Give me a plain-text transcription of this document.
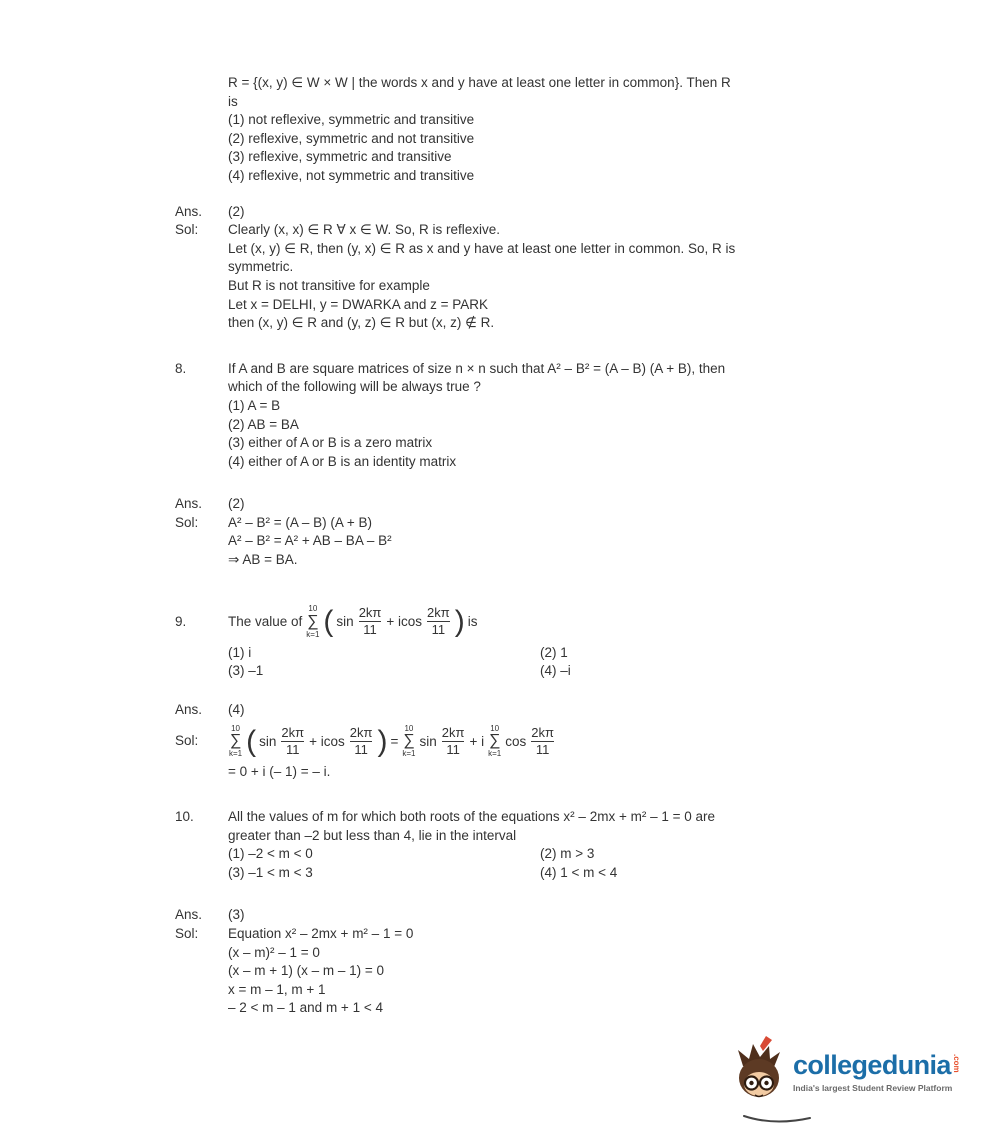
R = {(x, y) ∈ W × W | the words x and y have at least one letter in common}. Then R
is
(1) not reflexive, symmetric and transitive
(2) reflexive, symmetric and not transitive
(3) reflexive, symmetric and transitive
(4) reflexive, not symmetric and transitive
Ans.	(2)
Sol:	Clearly (x, x) ∈ R ∀ x ∈ W. So, R is reflexive.
Let (x, y) ∈ R, then (y, x) ∈ R as x and y have at least one letter in common. So, R is
symmetric.
But R is not transitive for example
Let x = DELHI, y = DWARKA and z = PARK
then (x, y) ∈ R and (y, z) ∈ R but (x, z) ∉ R.
8.	If A and B are square matrices of size n × n such that A² – B² = (A – B) (A + B), then
which of the following will be always true ?
(1) A = B
(2) AB = BA
(3) either of A or B is a zero matrix
(4) either of A or B is an identity matrix
Ans.	(2)
Sol:	A² – B² = (A – B) (A + B)
A² – B² = A² + AB – BA – B²
⇒ AB = BA.
9.	The value of
10
∑
k=1 ( $\sin \frac{2k\pi}{11} + icos \frac{2k\pi}{11}$ ) is
(1) i	(2) 1
(3) –1	(4) –i
Ans.	(4)
Sol:
10
∑
k=1 ( $\sin \frac{2k\pi}{11} + icos \frac{2k\pi}{11}$ ) =
10
∑
k=1
$\sin \frac{2k\pi}{11} + i$
10
∑
k=1
$\cos \frac{2k\pi}{11}$
= 0 + i (– 1) = – i.
10.	All the values of m for which both roots of the equations x² – 2mx + m² – 1 = 0 are
greater than –2 but less than 4, lie in the interval
(1) –2 < m < 0	(2) m > 3
(3) –1 < m < 3	(4) 1 < m < 4
Ans.	(3)
Sol:	Equation x² – 2mx + m² – 1 = 0
(x – m)² – 1 = 0
(x – m + 1) (x – m – 1) = 0
x = m – 1, m + 1
– 2 < m – 1 and m + 1 < 4
collegedunia .com
India's largest Student Review Platform
